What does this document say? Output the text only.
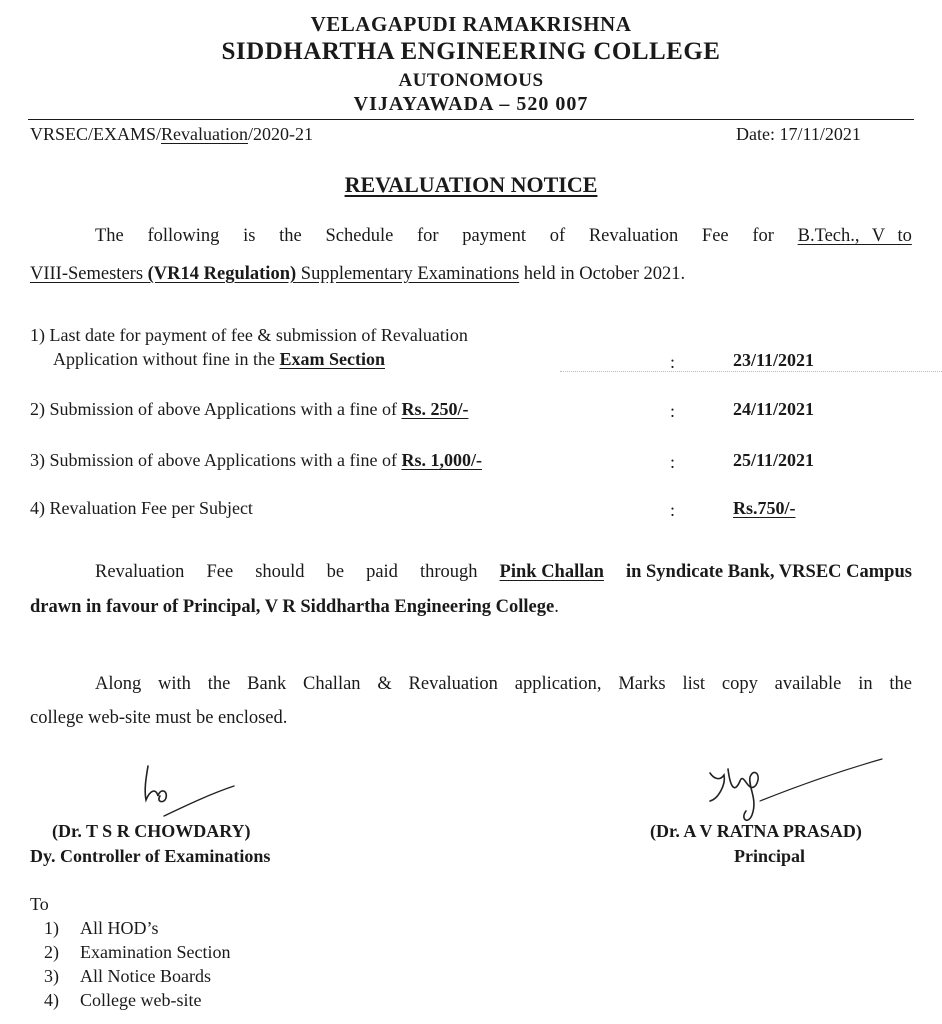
VELAGAPUDI RAMAKRISHNA
SIDDHARTHA ENGINEERING COLLEGE
AUTONOMOUS
VIJAYAWADA – 520 007
VRSEC/EXAMS/Revaluation/2020-21	Date: 17/11/2021
REVALUATION NOTICE
The following is the Schedule for payment of Revaluation Fee for B.Tech., V to
VIII-Semesters (VR14 Regulation) Supplementary Examinations held in October 2021.
1) Last date for payment of fee & submission of Revaluation
Application without fine in the Exam Section	:	23/11/2021
2) Submission of above Applications with a fine of Rs. 250/-	:	24/11/2021
3) Submission of above Applications with a fine of Rs. 1,000/-	:	25/11/2021
4) Revaluation Fee per Subject	:	Rs.750/-
Revaluation Fee should be paid through Pink Challan in Syndicate Bank, VRSEC Campus
drawn in favour of Principal, V R Siddhartha Engineering College.
Along with the Bank Challan & Revaluation application, Marks list copy available in the
college web-site must be enclosed.
(Dr. T S R CHOWDARY)
Dy. Controller of Examinations
(Dr. A V RATNA PRASAD)
Principal
To
1) All HOD’s
2) Examination Section
3) All Notice Boards
4) College web-site
